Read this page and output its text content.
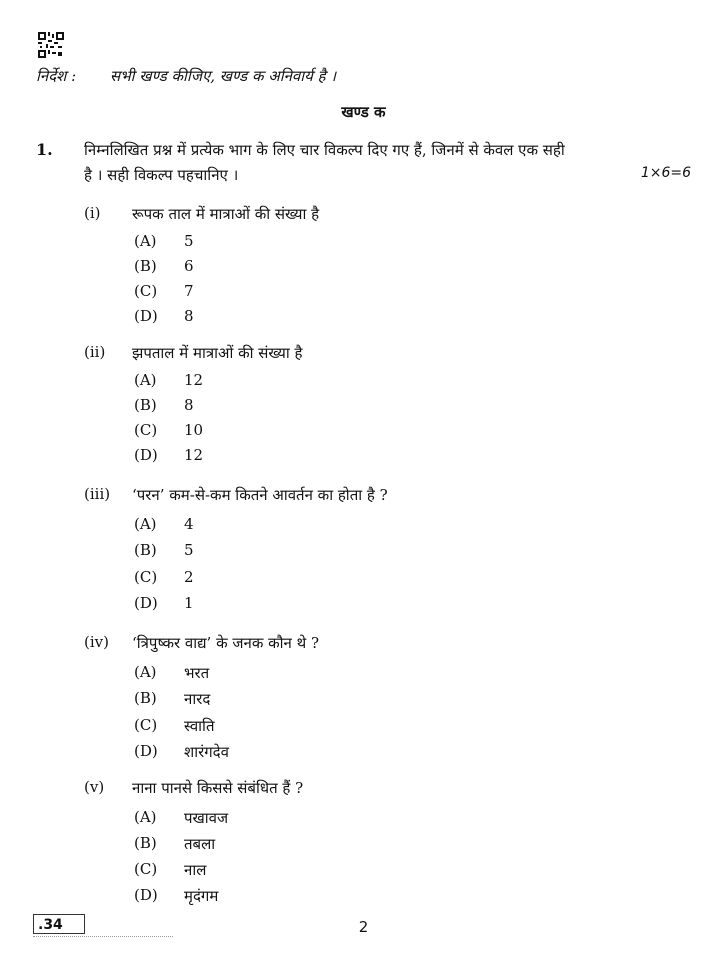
निर्देश : सभी खण्ड कीजिए, खण्ड क अनिवार्य है ।
खण्ड क
1. निम्नलिखित प्रश्न में प्रत्येक भाग के लिए चार विकल्प दिए गए हैं, जिनमें से केवल एक सही
है । सही विकल्प पहचानिए ।	1×6=6
(i) रूपक ताल में मात्राओं की संख्या है
(A) 5
(B) 6
(C) 7
(D) 8
(ii) झपताल में मात्राओं की संख्या है
(A) 12
(B) 8
(C) 10
(D) 12
(iii) ‘परन’ कम-से-कम कितने आवर्तन का होता है ?
(A) 4
(B) 5
(C) 2
(D) 1
(iv) ‘त्रिपुष्कर वाद्य’ के जनक कौन थे ?
(A) भरत
(B) नारद
(C) स्वाति
(D) शारंगदेव
(v) नाना पानसे किससे संबंधित हैं ?
(A) पखावज
(B) तबला
(C) नाल
(D) मृदंगम
.34	2
